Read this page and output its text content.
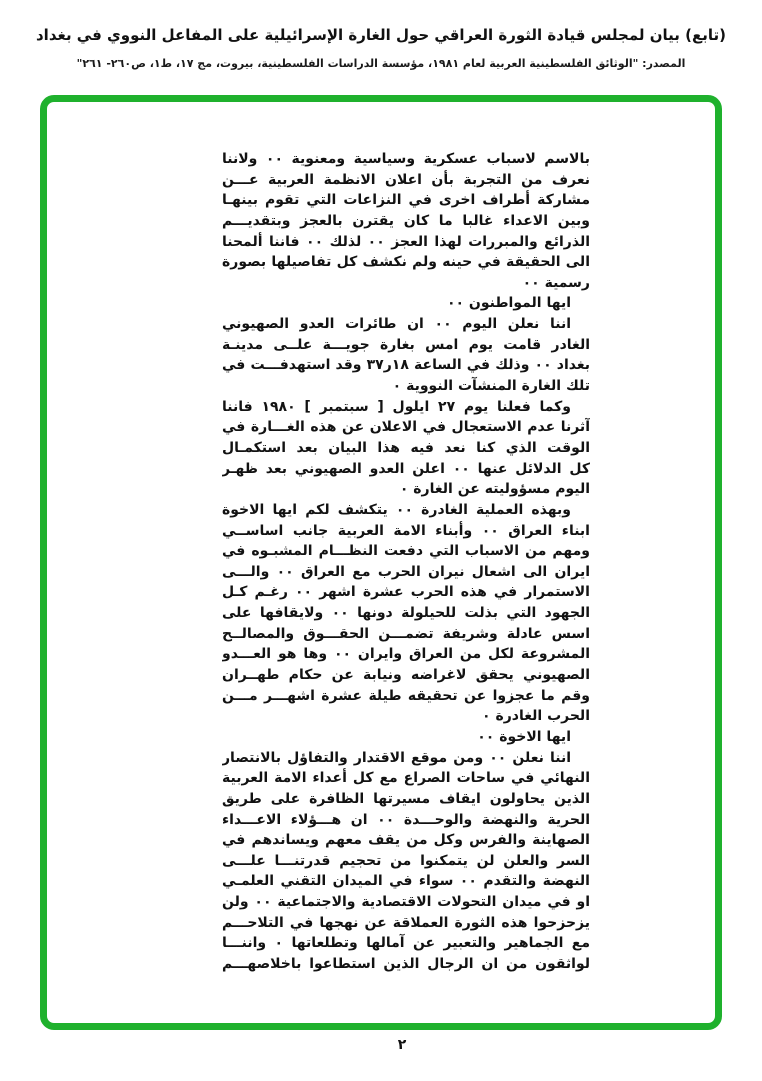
(تابع) بيان لمجلس قيادة الثورة العراقي حول الغارة الإسرائيلية على المفاعل النووي في بغداد
المصدر: "الوثائق الفلسطينية العربية لعام ١٩٨١، مؤسسة الدراسات الفلسطينية، بيروت، مج ١٧، ط١، ص٢٦٠- ٢٦١"
بالاسم لاسباب عسكرية وسياسية ومعنوية ٠٠ ولاننا
نعرف من التجربة بأن اعلان الانظمة العربية عـــن
مشاركة أطراف اخرى في النزاعات التي تقوم بينهـا
وبين الاعداء غالبا ما كان يقترن بالعجز وبتقديـــم
الذرائع والمبررات لهذا العجز ٠٠ لذلك ٠٠ فاننا ألمحنا
الى الحقيقة في حينه ولم نكشف كل تفاصيلها بصورة
رسمية ٠٠
ايها المواطنون ٠٠
اننا نعلن اليوم ٠٠ ان طائرات العدو الصهيوني
الغادر قامت يوم امس بغارة جويـــة علــى مدينـة
بغداد ٠٠ وذلك في الساعة ١٨ر٣٧ وقد استهدفـــت في
تلك الغارة المنشآت النووية ٠
وكما فعلنا يوم ٢٧ ايلول [ سبتمبر ] ١٩٨٠ فاننا
آثرنا عدم الاستعجال في الاعلان عن هذه الغـــارة في
الوقت الذي كنا نعد فيه هذا البيان بعد استكمـال
كل الدلائل عنها ٠٠ اعلن العدو الصهيوني بعد ظهـر
اليوم مسؤوليته عن الغارة ٠
وبهذه العملية الغادرة ٠٠ يتكشف لكم ايها الاخوة
ابناء العراق ٠٠ وأبناء الامة العربية جانب اساســي
ومهم من الاسباب التي دفعت النظـــام المشبـوه في
ايران الى اشعال نيران الحرب مع العراق ٠٠ والـــى
الاستمرار في هذه الحرب عشرة اشهر ٠٠ رغـم كـل
الجهود التي بذلت للحيلولة دونها ٠٠ ولايقافها على
اسس عادلة وشريفة تضمـــن الحقـــوق والمصالــح
المشروعة لكل من العراق وايران ٠٠ وها هو العـــدو
الصهيوني يحقق لاغراضه ونيابة عن حكام طهــران
وقم ما عجزوا عن تحقيقه طيلة عشرة اشهـــر مـــن
الحرب الغادرة ٠
ايها الاخوة ٠٠
اننا نعلن ٠٠ ومن موقع الاقتدار والتفاؤل بالانتصار
النهائي في ساحات الصراع مع كل أعداء الامة العربية
الذين يحاولون ايقاف مسيرتها الظافرة على طريق
الحرية والنهضة والوحـــدة ٠٠ ان هـــؤلاء الاعـــداء
الصهاينة والفرس وكل من يقف معهم ويساندهم في
السر والعلن لن يتمكنوا من تحجيم قدرتنـــا علـــى
النهضة والتقدم ٠٠ سواء في الميدان التقني العلمـي
او في ميدان التحولات الاقتصادية والاجتماعية ٠٠ ولن
يزحزحوا هذه الثورة العملاقة عن نهجها في التلاحـــم
مع الجماهير والتعبير عن آمالها وتطلعاتها ٠ واننـــا
لواثقون من ان الرجال الذين استطاعوا باخلاصهـــم
٢
